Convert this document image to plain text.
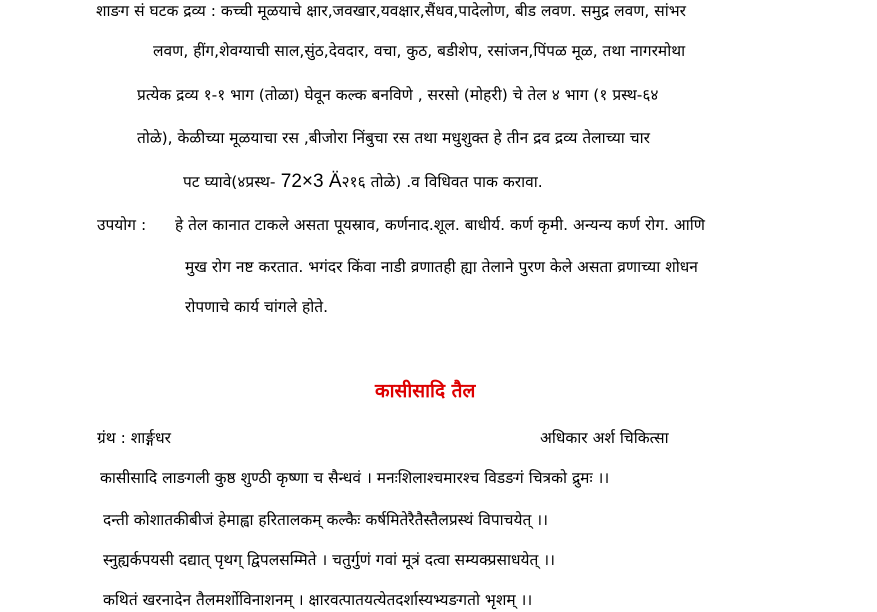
शाङग सं घटक द्रव्य : कच्ची मूळयाचे क्षार,जवखार,यवक्षार,सैंधव,पादेलोण, बीड लवण. समुद्र लवण, सांभर
लवण, हींग,शेवग्याची साल,सुंठ,देवदार, वचा, कुठ, बडीशेप, रसांजन,पिंपळ मूळ, तथा नागरमोथा
प्रत्येक द्रव्य १-१ भाग (तोळा) घेवून कल्क बनविणे , सरसो (मोहरी) चे तेल ४ भाग (१ प्रस्थ-६४
तोळे), केळीच्या मूळयाचा रस ,बीजोरा निंबुचा रस तथा मधुशुक्त हे तीन द्रव द्रव्य तेलाच्या चार
पट घ्यावे(४प्रस्थ- 72×3 Ä२१६ तोळे) .व विधिवत पाक करावा.
उपयोग : हे तेल कानात टाकले असता पूयस्राव, कर्णनाद.शूल. बाधीर्य. कर्ण कृमी. अन्यन्य कर्ण रोग. आणि
मुख रोग नष्ट करतात. भगंदर किंवा नाडी व्रणातही ह्या तेलाने पुरण केले असता व्रणाच्या शोधन
रोपणाचे कार्य चांगले होते.
कासीसादि तैल
ग्रंथ : शार्ङ्गधर	अधिकार अर्श चिकित्सा
कासीसादि लाङगली कुष्ठ शुण्ठी कृष्णा च सैन्धवं । मनःशिलाश्चमारश्च विडङगं चित्रको द्रुमः ।।
दन्ती कोशातकीबीजं हेमाह्वा हरितालकम् कल्कैः कर्षमितेरैतैस्तैलप्रस्थं विपाचयेत् ।।
स्नुह्यर्कपयसी दद्यात् पृथग् द्विपलसम्मिते । चतुर्गुणं गवां मूत्रं दत्वा सम्यक्प्रसाधयेत् ।।
कथितं खरनादेन तैलमर्शोविनाशनम् । क्षारवत्पातयत्येतदर्शास्यभ्यङगतो भृशम् ।।
